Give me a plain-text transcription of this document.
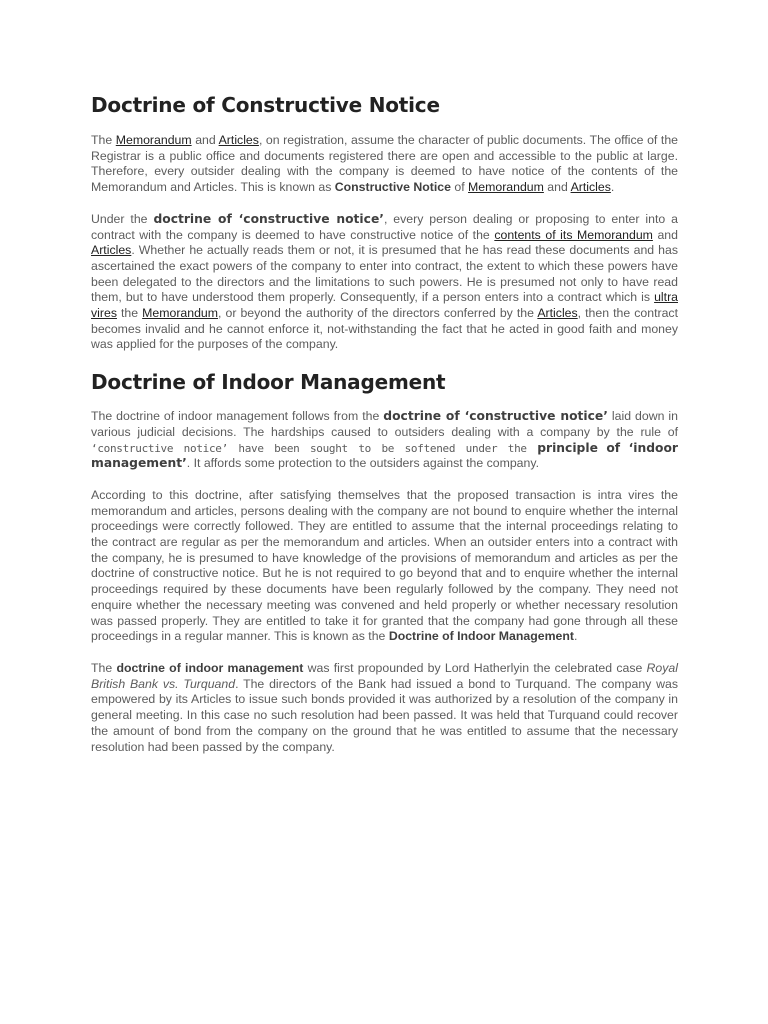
Doctrine of Constructive Notice

The Memorandum and Articles, on registration, assume the character of public documents. The office of the Registrar is a public office and documents registered there are open and accessible to the public at large. Therefore, every outsider dealing with the company is deemed to have notice of the contents of the Memorandum and Articles. This is known as Constructive Notice of Memorandum and Articles.

Under the doctrine of ‘constructive notice’, every person dealing or proposing to enter into a contract with the company is deemed to have constructive notice of the contents of its Memorandum and Articles. Whether he actually reads them or not, it is presumed that he has read these documents and has ascertained the exact powers of the company to enter into contract, the extent to which these powers have been delegated to the directors and the limitations to such powers. He is presumed not only to have read them, but to have understood them properly. Consequently, if a person enters into a contract which is ultra vires the Memorandum, or beyond the authority of the directors conferred by the Articles, then the contract becomes invalid and he cannot enforce it, not-withstanding the fact that he acted in good faith and money was applied for the purposes of the company.

Doctrine of Indoor Management

The doctrine of indoor management follows from the doctrine of ‘constructive notice’ laid down in various judicial decisions. The hardships caused to outsiders dealing with a company by the rule of ‘constructive notice’ have been sought to be softened under the principle of ‘indoor management’. It affords some protection to the outsiders against the company.

According to this doctrine, after satisfying themselves that the proposed transaction is intra vires the memorandum and articles, persons dealing with the company are not bound to enquire whether the internal proceedings were correctly followed. They are entitled to assume that the internal proceedings relating to the contract are regular as per the memorandum and articles. When an outsider enters into a contract with the company, he is presumed to have knowledge of the provisions of memorandum and articles as per the doctrine of constructive notice. But he is not required to go beyond that and to enquire whether the internal proceedings required by these documents have been regularly followed by the company. They need not enquire whether the necessary meeting was convened and held properly or whether necessary resolution was passed properly. They are entitled to take it for granted that the company had gone through all these proceedings in a regular manner. This is known as the Doctrine of Indoor Management.

The doctrine of indoor management was first propounded by Lord Hatherlyin the celebrated case Royal British Bank vs. Turquand. The directors of the Bank had issued a bond to Turquand. The company was empowered by its Articles to issue such bonds provided it was authorized by a resolution of the company in general meeting. In this case no such resolution had been passed. It was held that Turquand could recover the amount of bond from the company on the ground that he was entitled to assume that the necessary resolution had been passed by the company.
